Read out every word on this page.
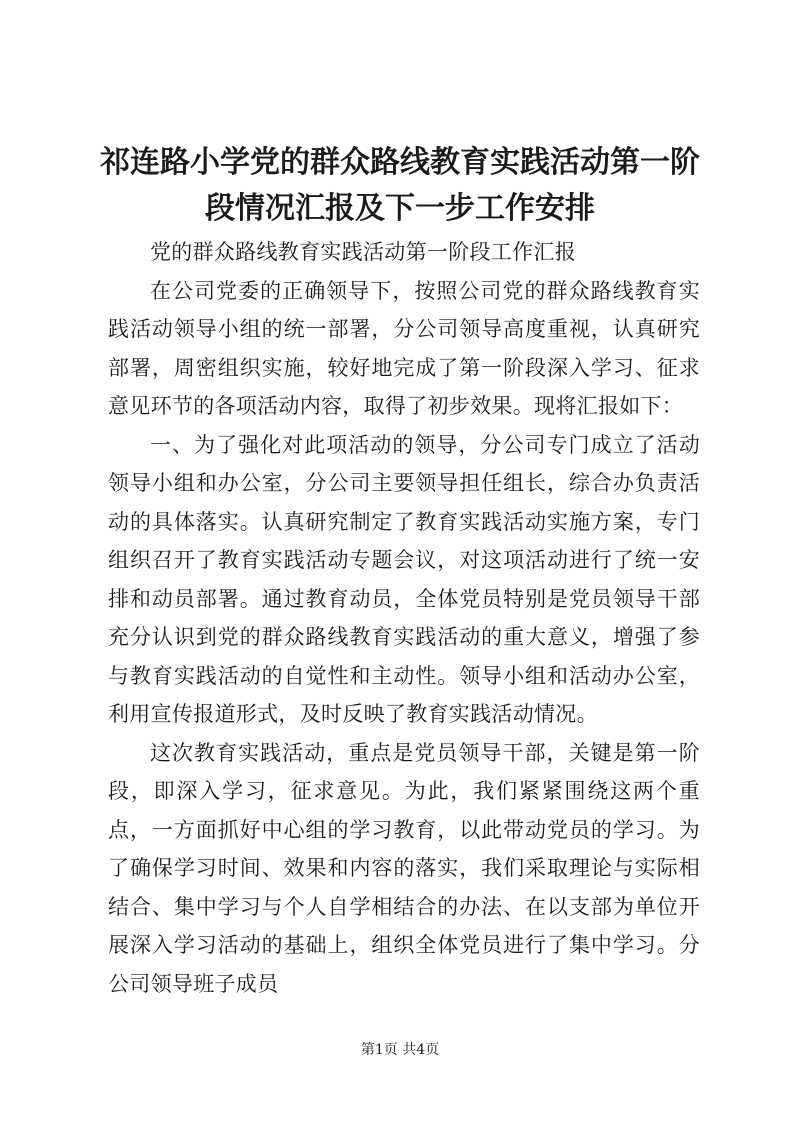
祁连路小学党的群众路线教育实践活动第一阶段情况汇报及下一步工作安排

党的群众路线教育实践活动第一阶段工作汇报

在公司党委的正确领导下，按照公司党的群众路线教育实践活动领导小组的统一部署，分公司领导高度重视，认真研究部署，周密组织实施，较好地完成了第一阶段深入学习、征求意见环节的各项活动内容，取得了初步效果。现将汇报如下：

一、为了强化对此项活动的领导，分公司专门成立了活动领导小组和办公室，分公司主要领导担任组长，综合办负责活动的具体落实。认真研究制定了教育实践活动实施方案，专门组织召开了教育实践活动专题会议，对这项活动进行了统一安排和动员部署。通过教育动员，全体党员特别是党员领导干部充分认识到党的群众路线教育实践活动的重大意义，增强了参与教育实践活动的自觉性和主动性。领导小组和活动办公室，利用宣传报道形式，及时反映了教育实践活动情况。

这次教育实践活动，重点是党员领导干部，关键是第一阶段，即深入学习，征求意见。为此，我们紧紧围绕这两个重点，一方面抓好中心组的学习教育，以此带动党员的学习。为了确保学习时间、效果和内容的落实，我们采取理论与实际相结合、集中学习与个人自学相结合的办法、在以支部为单位开展深入学习活动的基础上，组织全体党员进行了集中学习。分公司领导班子成员

第1页 共4页
